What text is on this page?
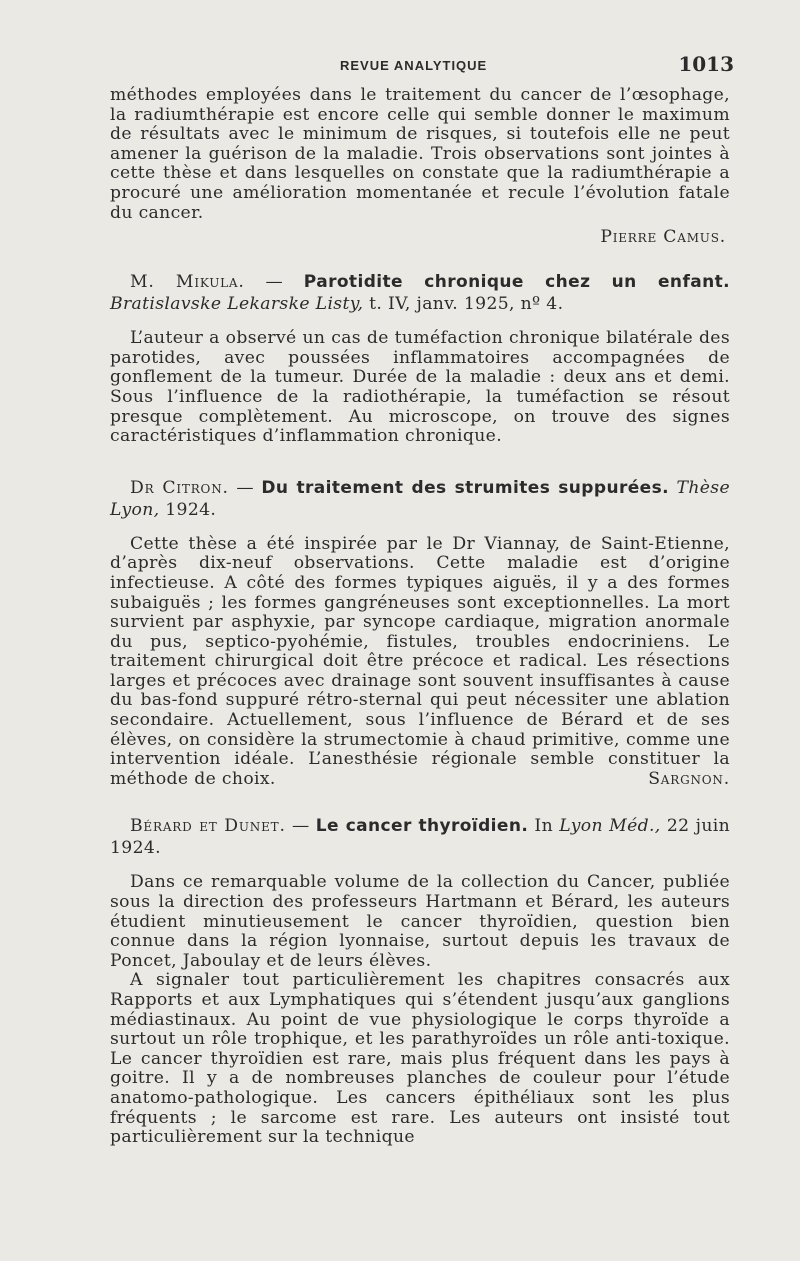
REVUE ANALYTIQUE	1013

méthodes employées dans le traitement du cancer de l’œsophage, la radiumthérapie est encore celle qui semble donner le maximum de résultats avec le minimum de risques, si toutefois elle ne peut amener la guérison de la maladie. Trois observations sont jointes à cette thèse et dans lesquelles on constate que la radiumthérapie a procuré une amélioration momentanée et recule l’évolution fatale du cancer.

Pierre Camus.

M. Mikula. — Parotidite chronique chez un enfant. Bratislavske Lekarske Listy, t. IV, janv. 1925, nº 4.

L’auteur a observé un cas de tuméfaction chronique bilatérale des parotides, avec poussées inflammatoires accompagnées de gonflement de la tumeur. Durée de la maladie : deux ans et demi. Sous l’influence de la radiothérapie, la tuméfaction se résout presque complètement. Au microscope, on trouve des signes caractéristiques d’inflammation chronique.

Dr Citron. — Du traitement des strumites suppurées. Thèse Lyon, 1924.

Cette thèse a été inspirée par le Dr Viannay, de Saint-Etienne, d’après dix-neuf observations. Cette maladie est d’origine infectieuse. A côté des formes typiques aiguës, il y a des formes subaiguës ; les formes gangréneuses sont exceptionnelles. La mort survient par asphyxie, par syncope cardiaque, migration anormale du pus, septico-pyohémie, fistules, troubles endocriniens. Le traitement chirurgical doit être précoce et radical. Les résections larges et précoces avec drainage sont souvent insuffisantes à cause du bas-fond suppuré rétro-sternal qui peut nécessiter une ablation secondaire. Actuellement, sous l’influence de Bérard et de ses élèves, on considère la strumectomie à chaud primitive, comme une intervention idéale. L’anesthésie régionale semble constituer la méthode de choix.	Sargnon.

Bérard et Dunet. — Le cancer thyroïdien. In Lyon Méd., 22 juin 1924.

Dans ce remarquable volume de la collection du Cancer, publiée sous la direction des professeurs Hartmann et Bérard, les auteurs étudient minutieusement le cancer thyroïdien, question bien connue dans la région lyonnaise, surtout depuis les travaux de Poncet, Jaboulay et de leurs élèves.

A signaler tout particulièrement les chapitres consacrés aux Rapports et aux Lymphatiques qui s’étendent jusqu’aux ganglions médiastinaux. Au point de vue physiologique le corps thyroïde a surtout un rôle trophique, et les parathyroïdes un rôle anti-toxique. Le cancer thyroïdien est rare, mais plus fréquent dans les pays à goitre. Il y a de nombreuses planches de couleur pour l’étude anatomo-pathologique. Les cancers épithéliaux sont les plus fréquents ; le sarcome est rare. Les auteurs ont insisté tout particulièrement sur la technique
